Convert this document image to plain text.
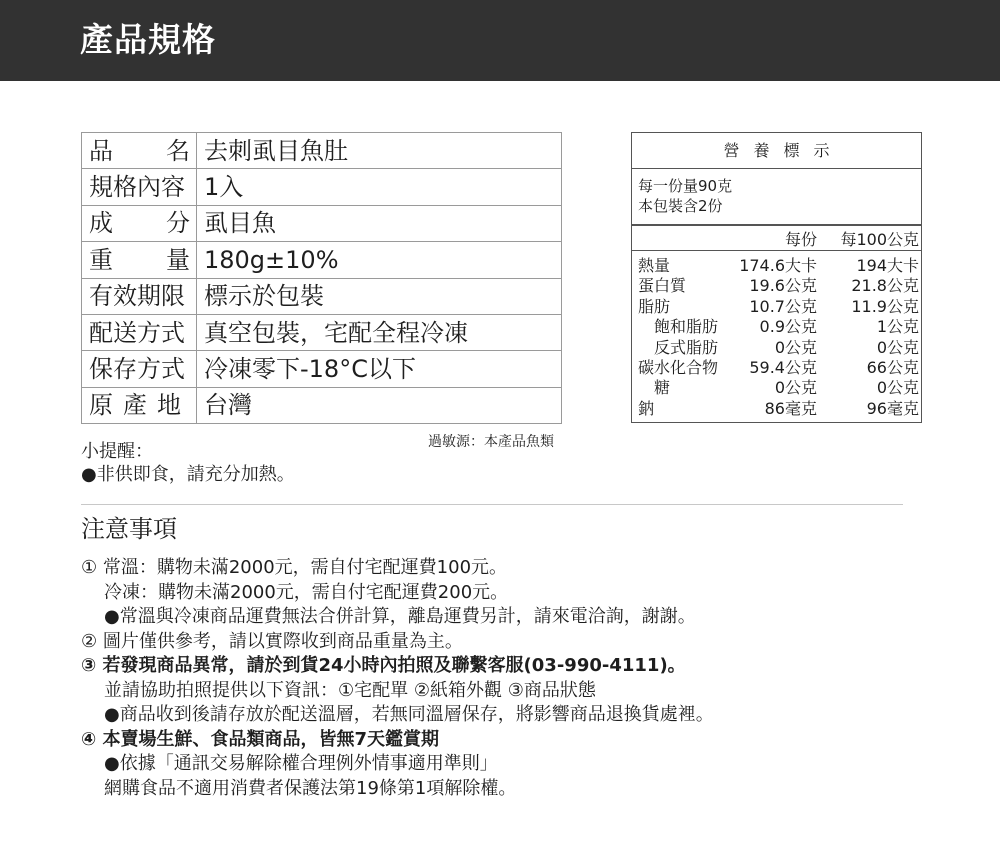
產品規格
品 名	去刺虱目魚肚

規格內容	1入

成 分	虱目魚

重 量	180g±10%

有效期限	標示於包裝

配送方式	真空包裝，宅配全程冷凍

保存方式	冷凍零下-18°C以下

原 產 地	台灣
過敏源：本產品魚類
小提醒：
●非供即食，請充分加熱。
營養標示
每一份量90克
本包裝含2份
每份 每100公克
熱量	174.6大卡 194大卡
蛋白質	19.6公克 21.8公克
脂肪	10.7公克 11.9公克
飽和脂肪	0.9公克	1公克
反式脂肪	0公克	0公克
碳水化合物 59.4公克	66公克
糖	0公克	0公克
鈉	86毫克	96毫克
注意事項
① 常溫：購物未滿2000元，需自付宅配運費100元。
冷凍：購物未滿2000元，需自付宅配運費200元。
●常溫與冷凍商品運費無法合併計算，離島運費另計，請來電洽詢，謝謝。
② 圖片僅供參考，請以實際收到商品重量為主。
③ 若發現商品異常，請於到貨24小時內拍照及聯繫客服(03-990-4111)。
並請協助拍照提供以下資訊：①宅配單 ②紙箱外觀 ③商品狀態
●商品收到後請存放於配送溫層，若無同溫層保存，將影響商品退換貨處裡。
④ 本賣場生鮮、食品類商品，皆無7天鑑賞期
●依據「通訊交易解除權合理例外情事適用準則」
網購食品不適用消費者保護法第19條第1項解除權。
